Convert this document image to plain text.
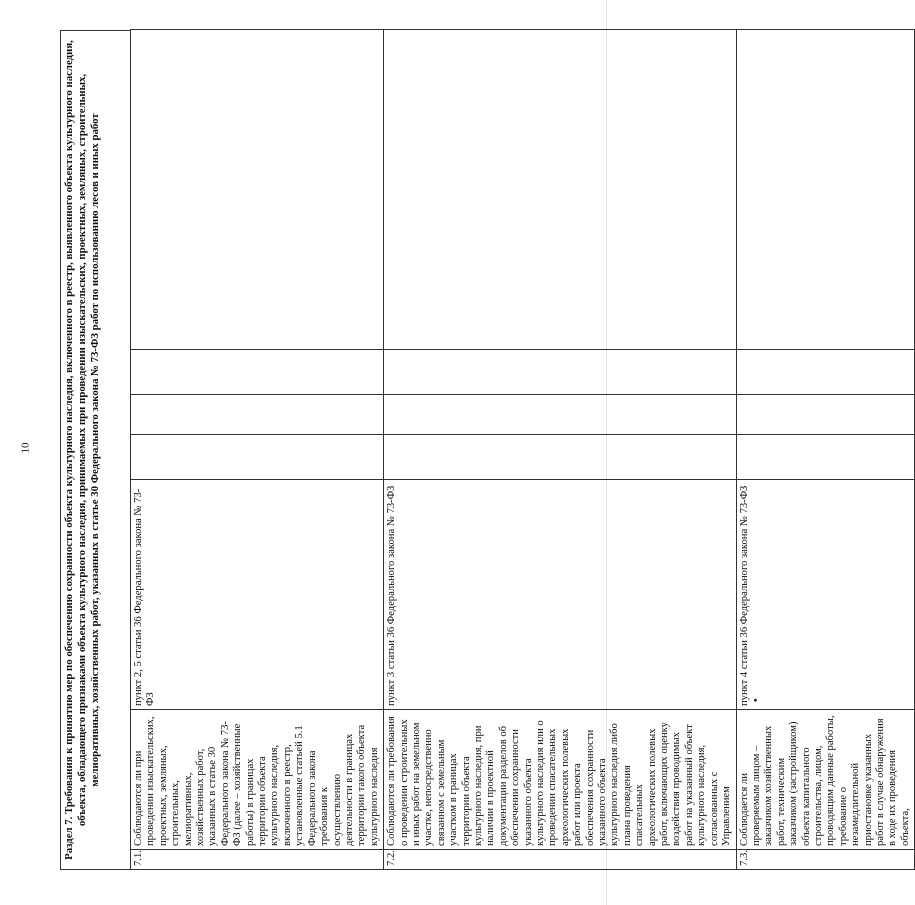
10	Раздел 7. Требования к принятию мер по обеспечению сохранности объекта культурного наследия, включенного в реестр, выявленного объекта культурного наследия, объекта, обладающего признаками объекта культурного наследия, принимаемых при проведении изыскательских, проектных, земляных, строительных, мелиоративных, хозяйственных работ, указанных в статье 30 Федерального закона № 73-ФЗ работ по использованию лесов и иных работ
7.1.	Соблюдаются ли при проведении изыскательских, проектных, земляных, строительных, мелиоративных, хозяйственных работ, указанных в статье 30 Федерального закона № 73-ФЗ (далее – хозяйственные работы) в границах территории объекта культурного наследия, включенного в реестр, установленные статьей 5.1 Федерального закона требования к осуществлению деятельности в границах территории такого объекта культурного наследия	пункт 2, 5 статьи 36 Федерального закона № 73-ФЗ				
7.2.	Соблюдаются ли требования о проведении строительных и иных работ на земельном участке, непосредственно связанном с земельным участком в границах территории объекта культурного наследия, при наличии в проектной документации разделов об обеспечении сохранности указанного объекта культурного наследия или о проведении спасательных археологических полевых работ или проекта обеспечения сохранности указанного объекта культурного наследия либо плана проведения спасательных археологических полевых работ, включающих оценку воздействия проводимых работ на указанный объект культурного наследия, согласованных с Управлением	пункт 3 статьи 36 Федерального закона № 73-ФЗ				
7.3.	Соблюдается ли проверяемым лицом – заказчиком хозяйственных работ, техническим заказчиком (застройщиком) объекта капитального строительства, лицом, проводящим данные работы, требование о незамедлительной приостановке указанных работ в случае обнаружения в ходе их проведения объекта,	пункт 4 статьи 36 Федерального закона № 73-ФЗ•				
